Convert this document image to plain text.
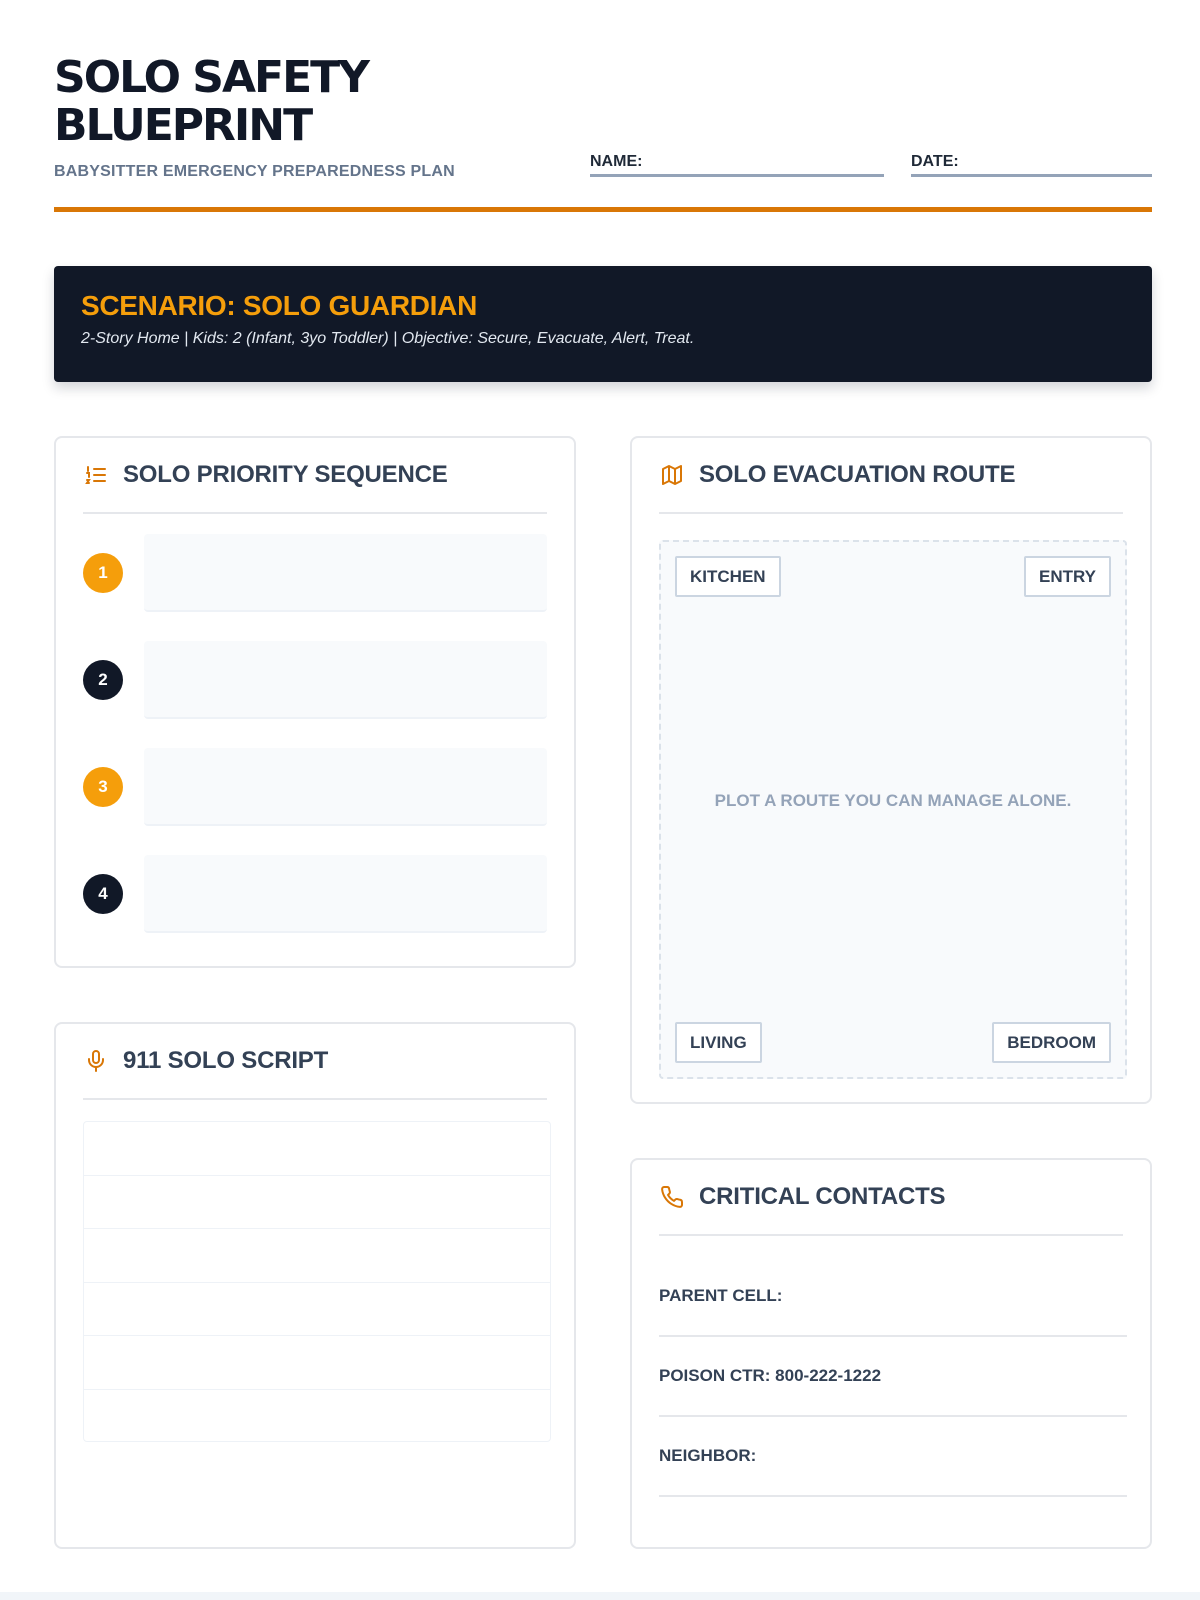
SOLO SAFETY
BLUEPRINT
BABYSITTER EMERGENCY PREPAREDNESS PLAN
NAME:	DATE:
SCENARIO: SOLO GUARDIAN
2-Story Home | Kids: 2 (Infant, 3yo Toddler) | Objective: Secure, Evacuate, Alert, Treat.
SOLO PRIORITY SEQUENCE
1
2
3
4
911 SOLO SCRIPT
SOLO EVACUATION ROUTE
KITCHEN	ENTRY
PLOT A ROUTE YOU CAN MANAGE ALONE.
LIVING	BEDROOM
CRITICAL CONTACTS
PARENT CELL:
POISON CTR: 800-222-1222
NEIGHBOR:
